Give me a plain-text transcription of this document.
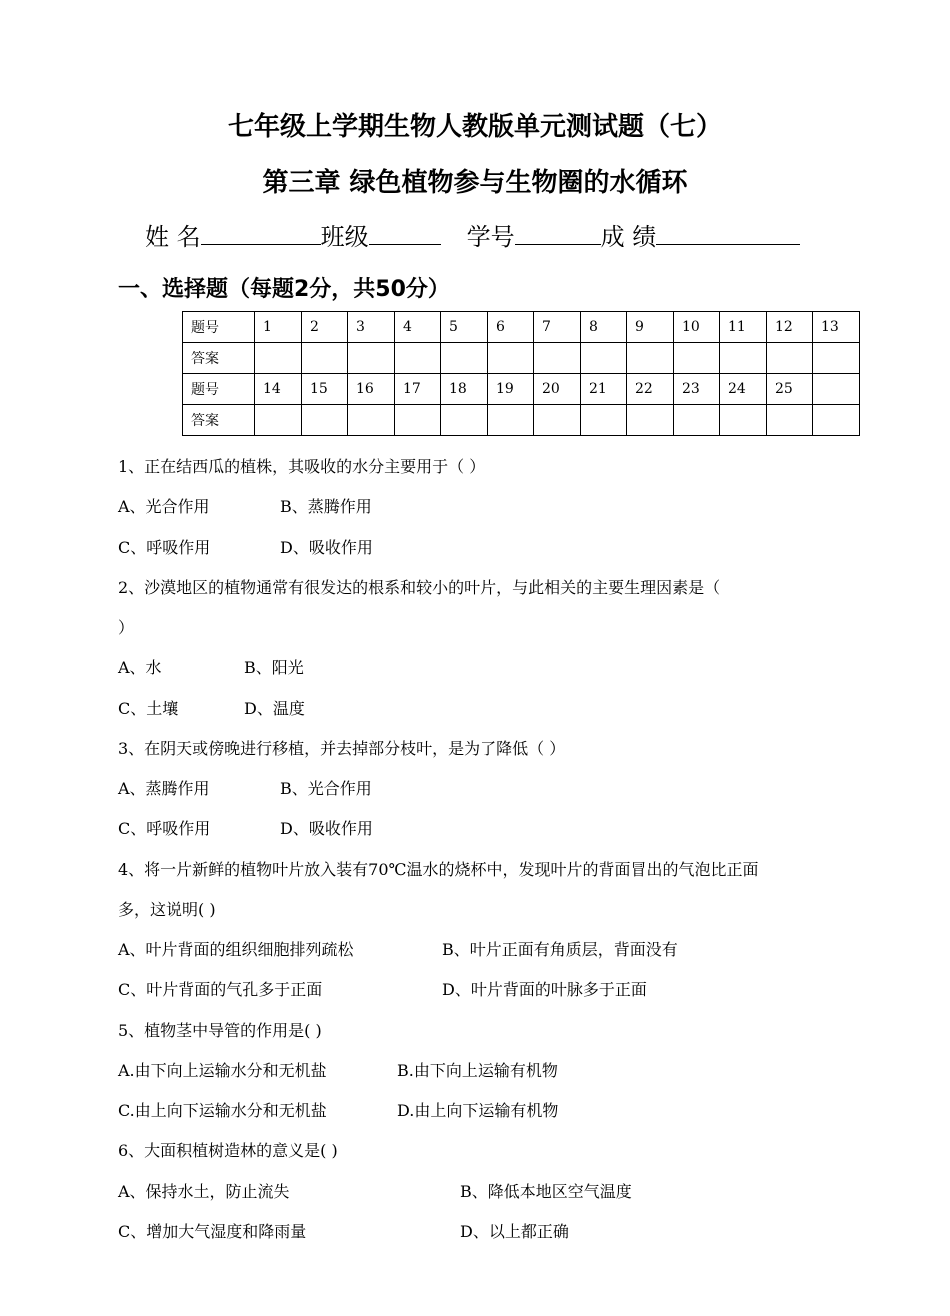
七年级上学期生物人教版单元测试题（七）
第三章 绿色植物参与生物圈的水循环
姓 名	班级	学号	成 绩
一、选择题（每题2分，共50分）
题号	1	2	3	4	5	6	7	8	9	10	11	12	13
答案													
题号	14	15	16	17	18	19	20	21	22	23	24	25	
答案													
1、正在结西瓜的植株，其吸收的水分主要用于（ ）
A、光合作用	B、蒸腾作用
C、呼吸作用	D、吸收作用
2、沙漠地区的植物通常有很发达的根系和较小的叶片，与此相关的主要生理因素是（
）
A、水	B、阳光
C、土壤	D、温度
3、在阴天或傍晚进行移植，并去掉部分枝叶，是为了降低（ ）
A、蒸腾作用	B、光合作用
C、呼吸作用	D、吸收作用
4、将一片新鲜的植物叶片放入装有70℃温水的烧杯中，发现叶片的背面冒出的气泡比正面
多，这说明( )
A、叶片背面的组织细胞排列疏松	B、叶片正面有角质层，背面没有
C、叶片背面的气孔多于正面	D、叶片背面的叶脉多于正面
5、植物茎中导管的作用是( )
A.由下向上运输水分和无机盐	B.由下向上运输有机物
C.由上向下运输水分和无机盐	D.由上向下运输有机物
6、大面积植树造林的意义是( )
A、保持水土，防止流失	B、降低本地区空气温度
C、增加大气湿度和降雨量	D、以上都正确
